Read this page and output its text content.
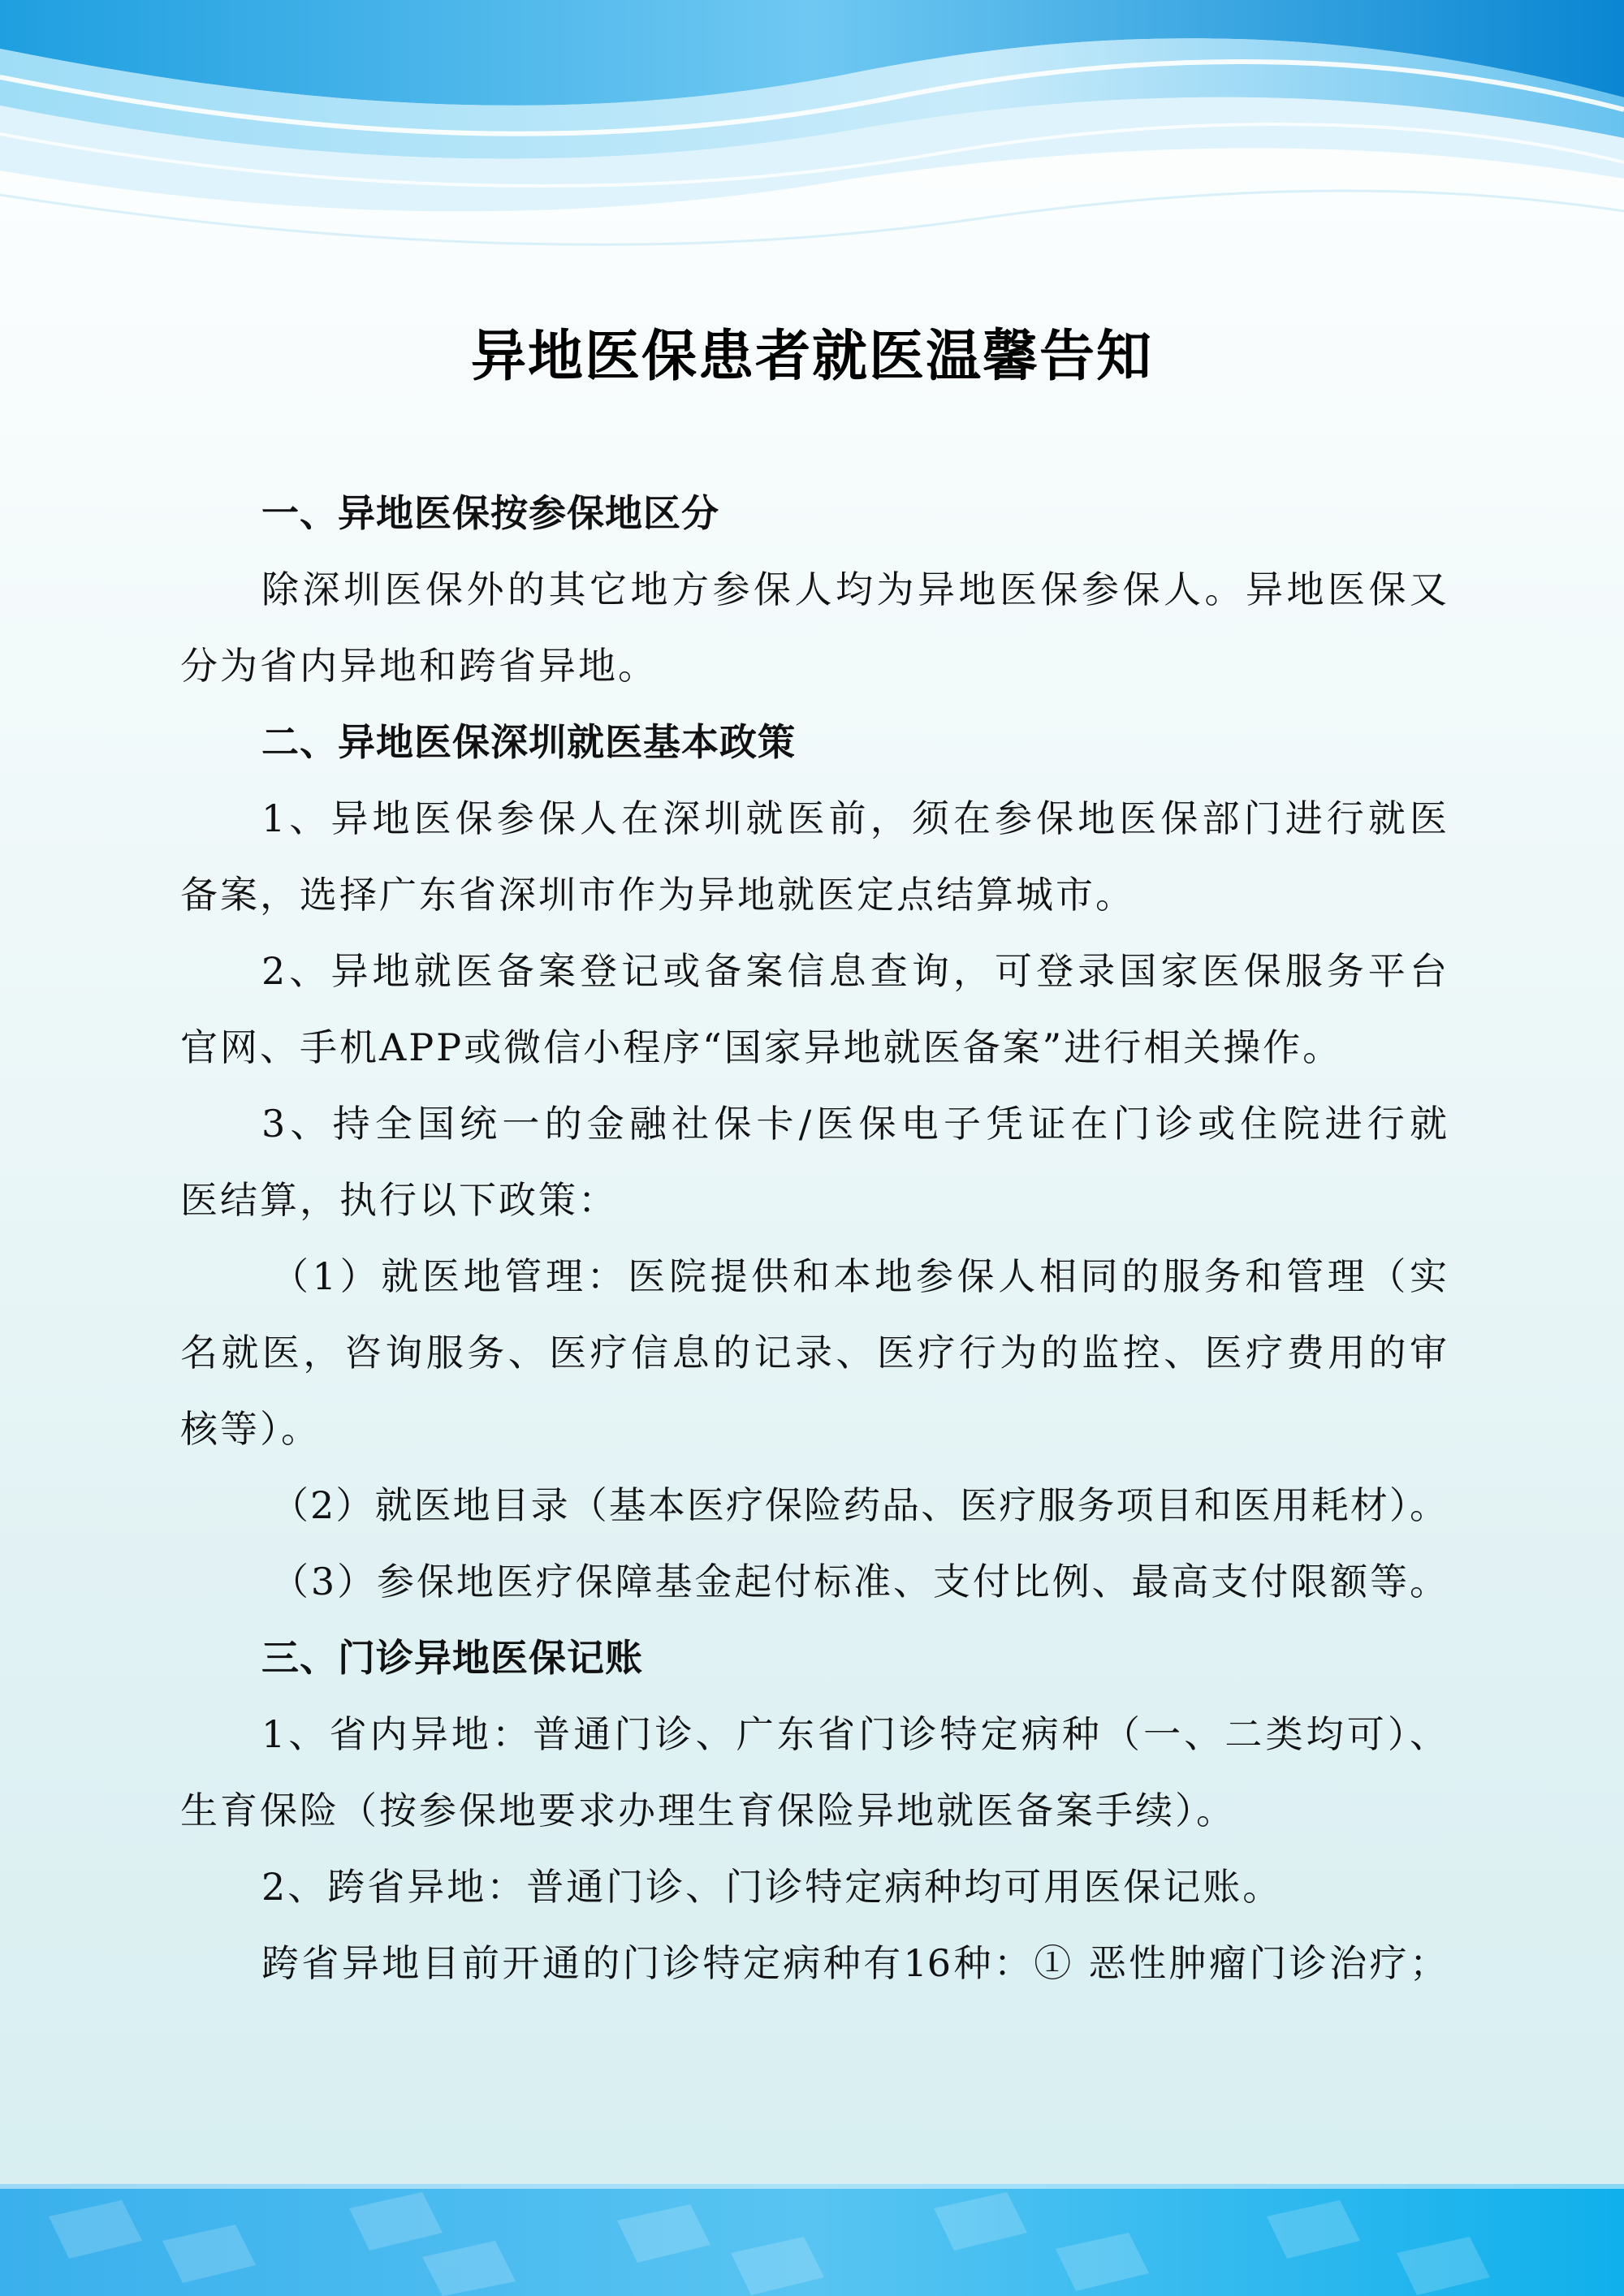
异地医保患者就医温馨告知
一、异地医保按参保地区分
除深圳医保外的其它地方参保人均为异地医保参保人。异地医保又
分为省内异地和跨省异地。
二、异地医保深圳就医基本政策
1、异地医保参保人在深圳就医前，须在参保地医保部门进行就医
备案，选择广东省深圳市作为异地就医定点结算城市。
2、异地就医备案登记或备案信息查询，可登录国家医保服务平台
官网、手机APP或微信小程序“国家异地就医备案”进行相关操作。
3、持全国统一的金融社保卡/医保电子凭证在门诊或住院进行就
医结算，执行以下政策：
（1）就医地管理：医院提供和本地参保人相同的服务和管理（实
名就医，咨询服务、医疗信息的记录、医疗行为的监控、医疗费用的审
核等）。
（2）就医地目录（基本医疗保险药品、医疗服务项目和医用耗材）。
（3）参保地医疗保障基金起付标准、支付比例、最高支付限额等。
三、门诊异地医保记账
1、省内异地：普通门诊、广东省门诊特定病种（一、二类均可）、
生育保险（按参保地要求办理生育保险异地就医备案手续）。
2、跨省异地：普通门诊、门诊特定病种均可用医保记账。
跨省异地目前开通的门诊特定病种有16种：① 恶性肿瘤门诊治疗；
